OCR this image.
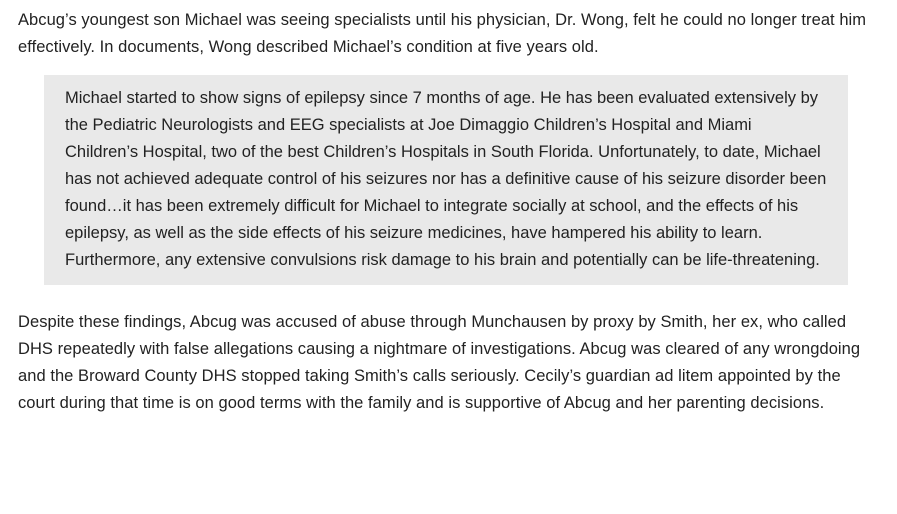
Abcug’s youngest son Michael was seeing specialists until his physician, Dr. Wong, felt he could no longer treat him effectively. In documents, Wong described Michael’s condition at five years old.

Michael started to show signs of epilepsy since 7 months of age. He has been evaluated extensively by the Pediatric Neurologists and EEG specialists at Joe Dimaggio Children’s Hospital and Miami Children’s Hospital, two of the best Children’s Hospitals in South Florida. Unfortunately, to date, Michael has not achieved adequate control of his seizures nor has a definitive cause of his seizure disorder been found…it has been extremely difficult for Michael to integrate socially at school, and the effects of his epilepsy, as well as the side effects of his seizure medicines, have hampered his ability to learn. Furthermore, any extensive convulsions risk damage to his brain and potentially can be life-threatening.

Despite these findings, Abcug was accused of abuse through Munchausen by proxy by Smith, her ex, who called DHS repeatedly with false allegations causing a nightmare of investigations. Abcug was cleared of any wrongdoing and the Broward County DHS stopped taking Smith’s calls seriously. Cecily’s guardian ad litem appointed by the court during that time is on good terms with the family and is supportive of Abcug and her parenting decisions.
